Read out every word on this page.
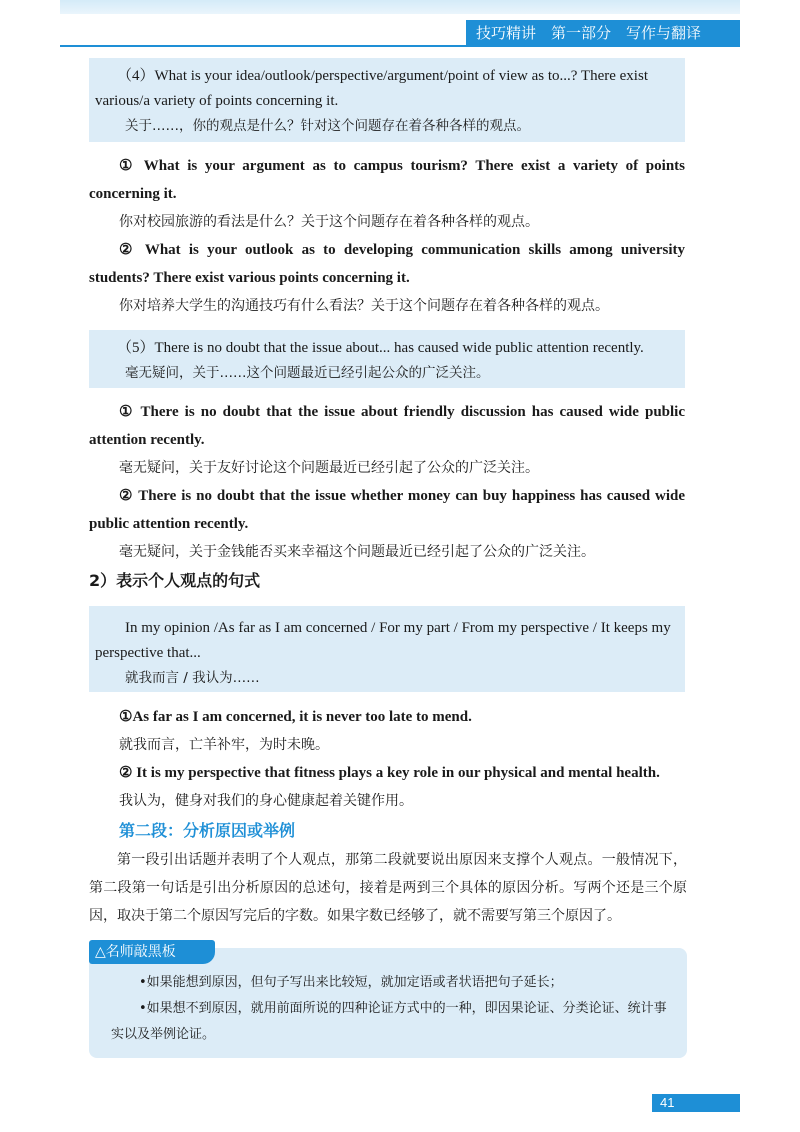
技巧精讲　第一部分　写作与翻译
（4）What is your idea/outlook/perspective/argument/point of view as to...? There exist various/a variety of points concerning it.
关于……，你的观点是什么？针对这个问题存在着各种各样的观点。
① What is your argument as to campus tourism? There exist a variety of points concerning it.
你对校园旅游的看法是什么？关于这个问题存在着各种各样的观点。
② What is your outlook as to developing communication skills among university students? There exist various points concerning it.
你对培养大学生的沟通技巧有什么看法？关于这个问题存在着各种各样的观点。
（5）There is no doubt that the issue about... has caused wide public attention recently.
毫无疑问，关于……这个问题最近已经引起公众的广泛关注。
① There is no doubt that the issue about friendly discussion has caused wide public attention recently.
毫无疑问，关于友好讨论这个问题最近已经引起了公众的广泛关注。
② There is no doubt that the issue whether money can buy happiness has caused wide public attention recently.
毫无疑问，关于金钱能否买来幸福这个问题最近已经引起了公众的广泛关注。
2）表示个人观点的句式
In my opinion /As far as I am concerned / For my part / From my perspective / It keeps my perspective that...
就我而言 / 我认为……
①As far as I am concerned, it is never too late to mend.
就我而言，亡羊补牢，为时未晚。
② It is my perspective that fitness plays a key role in our physical and mental health.
我认为，健身对我们的身心健康起着关键作用。
第二段：分析原因或举例
第一段引出话题并表明了个人观点，那第二段就要说出原因来支撑个人观点。一般情况下，第二段第一句话是引出分析原因的总述句，接着是两到三个具体的原因分析。写两个还是三个原因，取决于第二个原因写完后的字数。如果字数已经够了，就不需要写第三个原因了。
△名师敲黑板
•如果能想到原因，但句子写出来比较短，就加定语或者状语把句子延长；
•如果想不到原因，就用前面所说的四种论证方式中的一种，即因果论证、分类论证、统计事实以及举例论证。
41
